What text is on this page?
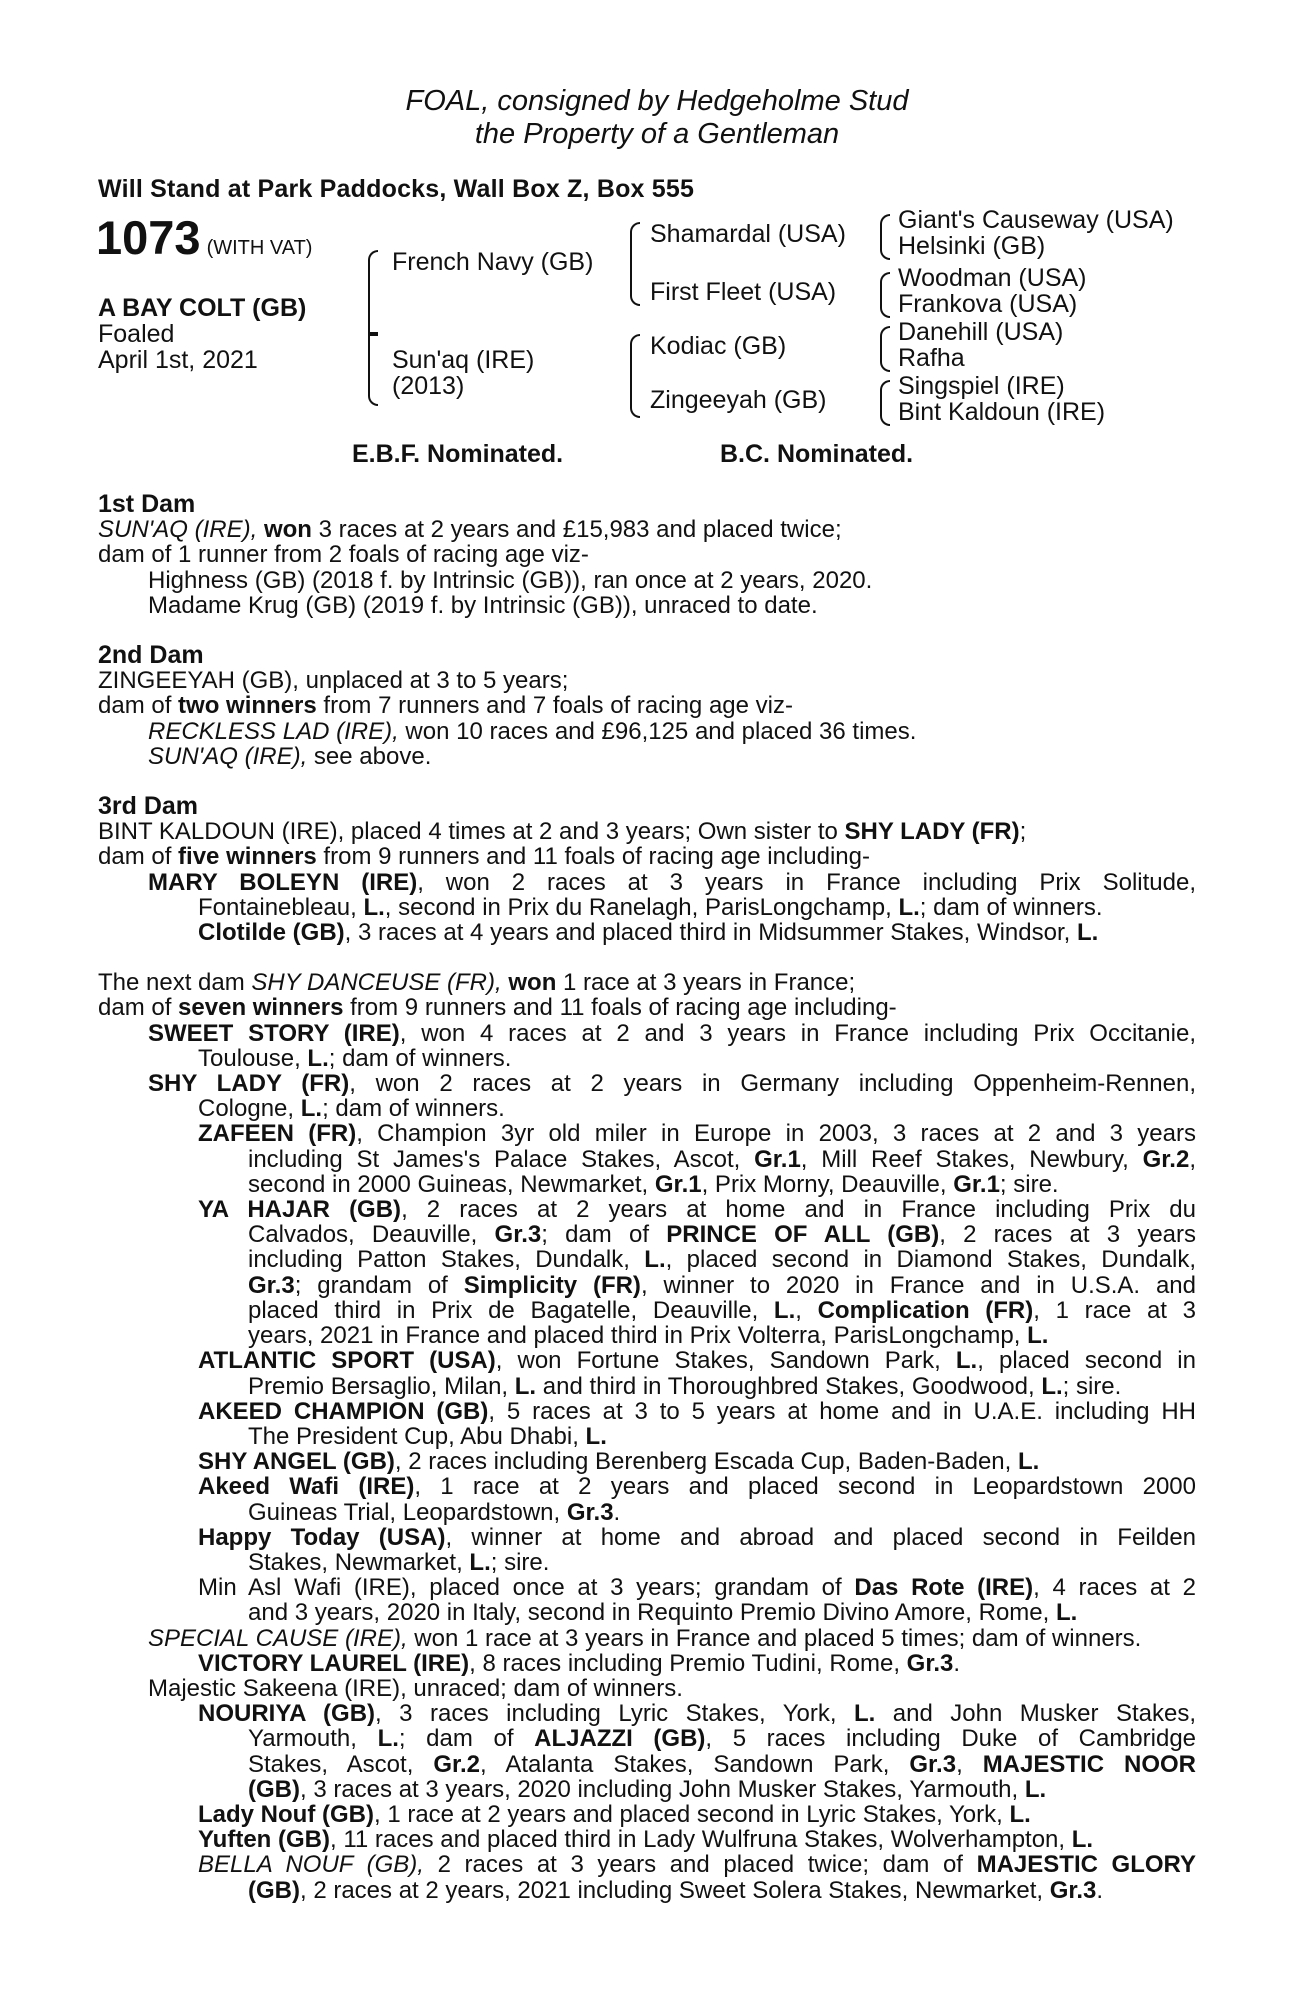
FOAL, consigned by Hedgeholme Stud
the Property of a Gentleman
Will Stand at Park Paddocks, Wall Box Z, Box 555
1073 (WITH VAT)
A BAY COLT (GB)
Foaled
April 1st, 2021
French Navy (GB)
Sun'aq (IRE)
(2013)
Shamardal (USA)
First Fleet (USA)
Kodiac (GB)
Zingeeyah (GB)
Giant's Causeway (USA)
Helsinki (GB)
Woodman (USA)
Frankova (USA)
Danehill (USA)
Rafha
Singspiel (IRE)
Bint Kaldoun (IRE)
E.B.F. Nominated.	B.C. Nominated.
1st Dam
SUN'AQ (IRE), won 3 races at 2 years and £15,983 and placed twice;
dam of 1 runner from 2 foals of racing age viz-
Highness (GB) (2018 f. by Intrinsic (GB)), ran once at 2 years, 2020.
Madame Krug (GB) (2019 f. by Intrinsic (GB)), unraced to date.
2nd Dam
ZINGEEYAH (GB), unplaced at 3 to 5 years;
dam of two winners from 7 runners and 7 foals of racing age viz-
RECKLESS LAD (IRE), won 10 races and £96,125 and placed 36 times.
SUN'AQ (IRE), see above.
3rd Dam
BINT KALDOUN (IRE), placed 4 times at 2 and 3 years; Own sister to SHY LADY (FR);
dam of five winners from 9 runners and 11 foals of racing age including-
MARY BOLEYN (IRE), won 2 races at 3 years in France including Prix Solitude,
Fontainebleau, L., second in Prix du Ranelagh, ParisLongchamp, L.; dam of winners.
Clotilde (GB), 3 races at 4 years and placed third in Midsummer Stakes, Windsor, L.
The next dam SHY DANCEUSE (FR), won 1 race at 3 years in France;
dam of seven winners from 9 runners and 11 foals of racing age including-
SWEET STORY (IRE), won 4 races at 2 and 3 years in France including Prix Occitanie,
Toulouse, L.; dam of winners.
SHY LADY (FR), won 2 races at 2 years in Germany including Oppenheim-Rennen,
Cologne, L.; dam of winners.
ZAFEEN (FR), Champion 3yr old miler in Europe in 2003, 3 races at 2 and 3 years
including St James's Palace Stakes, Ascot, Gr.1, Mill Reef Stakes, Newbury, Gr.2,
second in 2000 Guineas, Newmarket, Gr.1, Prix Morny, Deauville, Gr.1; sire.
YA HAJAR (GB), 2 races at 2 years at home and in France including Prix du
Calvados, Deauville, Gr.3; dam of PRINCE OF ALL (GB), 2 races at 3 years
including Patton Stakes, Dundalk, L., placed second in Diamond Stakes, Dundalk,
Gr.3; grandam of Simplicity (FR), winner to 2020 in France and in U.S.A. and
placed third in Prix de Bagatelle, Deauville, L., Complication (FR), 1 race at 3
years, 2021 in France and placed third in Prix Volterra, ParisLongchamp, L.
ATLANTIC SPORT (USA), won Fortune Stakes, Sandown Park, L., placed second in
Premio Bersaglio, Milan, L. and third in Thoroughbred Stakes, Goodwood, L.; sire.
AKEED CHAMPION (GB), 5 races at 3 to 5 years at home and in U.A.E. including HH
The President Cup, Abu Dhabi, L.
SHY ANGEL (GB), 2 races including Berenberg Escada Cup, Baden-Baden, L.
Akeed Wafi (IRE), 1 race at 2 years and placed second in Leopardstown 2000
Guineas Trial, Leopardstown, Gr.3.
Happy Today (USA), winner at home and abroad and placed second in Feilden
Stakes, Newmarket, L.; sire.
Min Asl Wafi (IRE), placed once at 3 years; grandam of Das Rote (IRE), 4 races at 2
and 3 years, 2020 in Italy, second in Requinto Premio Divino Amore, Rome, L.
SPECIAL CAUSE (IRE), won 1 race at 3 years in France and placed 5 times; dam of winners.
VICTORY LAUREL (IRE), 8 races including Premio Tudini, Rome, Gr.3.
Majestic Sakeena (IRE), unraced; dam of winners.
NOURIYA (GB), 3 races including Lyric Stakes, York, L. and John Musker Stakes,
Yarmouth, L.; dam of ALJAZZI (GB), 5 races including Duke of Cambridge
Stakes, Ascot, Gr.2, Atalanta Stakes, Sandown Park, Gr.3, MAJESTIC NOOR
(GB), 3 races at 3 years, 2020 including John Musker Stakes, Yarmouth, L.
Lady Nouf (GB), 1 race at 2 years and placed second in Lyric Stakes, York, L.
Yuften (GB), 11 races and placed third in Lady Wulfruna Stakes, Wolverhampton, L.
BELLA NOUF (GB), 2 races at 3 years and placed twice; dam of MAJESTIC GLORY
(GB), 2 races at 2 years, 2021 including Sweet Solera Stakes, Newmarket, Gr.3.
